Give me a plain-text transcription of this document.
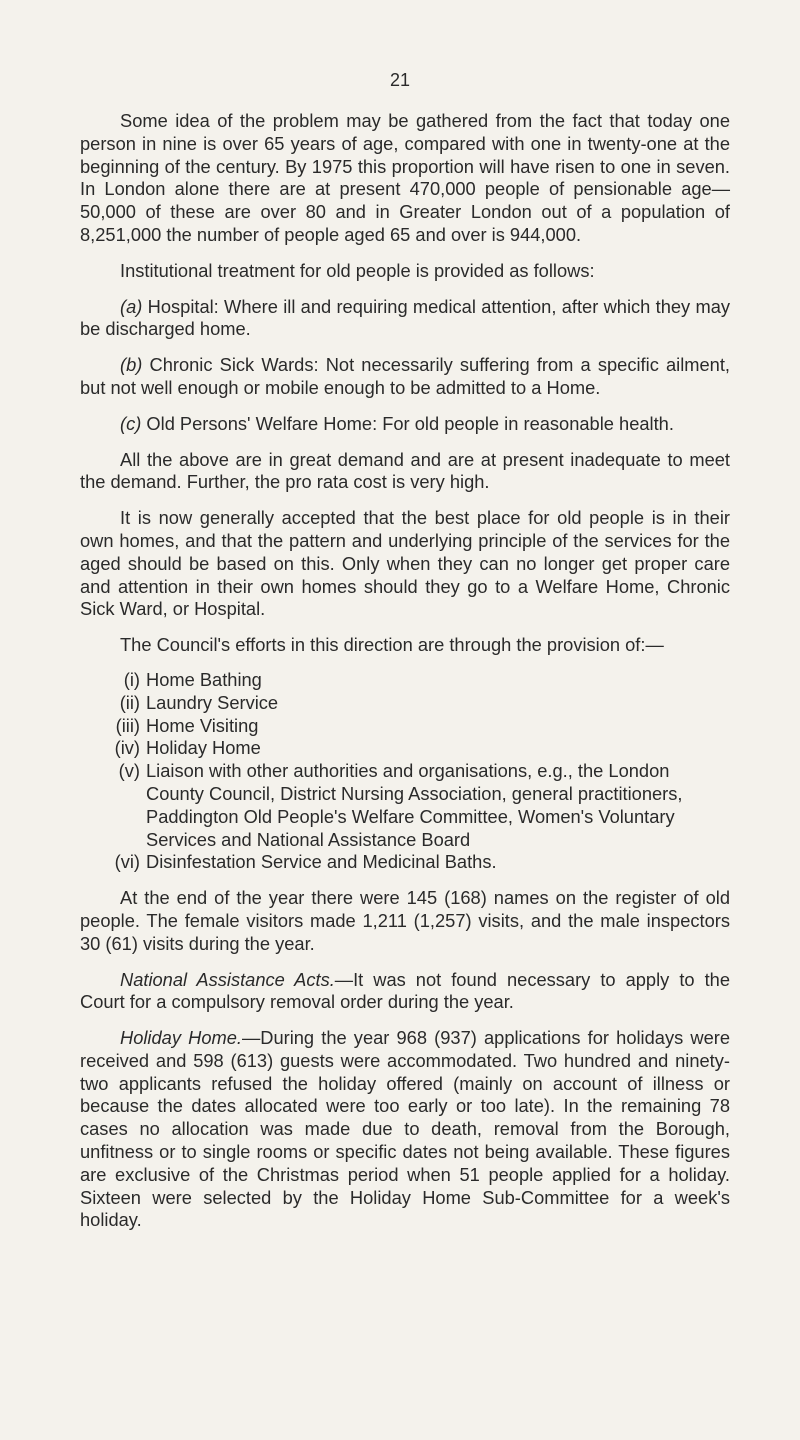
21

Some idea of the problem may be gathered from the fact that today one person in nine is over 65 years of age, compared with one in twenty-one at the beginning of the century. By 1975 this proportion will have risen to one in seven. In London alone there are at present 470,000 people of pensionable age—50,000 of these are over 80 and in Greater London out of a population of 8,251,000 the number of people aged 65 and over is 944,000.

Institutional treatment for old people is provided as follows:

(a) Hospital: Where ill and requiring medical attention, after which they may be discharged home.
(b) Chronic Sick Wards: Not necessarily suffering from a specific ailment, but not well enough or mobile enough to be admitted to a Home.
(c) Old Persons' Welfare Home: For old people in reasonable health.

All the above are in great demand and are at present inadequate to meet the demand. Further, the pro rata cost is very high.

It is now generally accepted that the best place for old people is in their own homes, and that the pattern and underlying principle of the services for the aged should be based on this. Only when they can no longer get proper care and attention in their own homes should they go to a Welfare Home, Chronic Sick Ward, or Hospital.

The Council's efforts in this direction are through the provision of:—

(i) Home Bathing
(ii) Laundry Service
(iii) Home Visiting
(iv) Holiday Home
(v) Liaison with other authorities and organisations, e.g., the London County Council, District Nursing Association, general practitioners, Paddington Old People's Welfare Committee, Women's Voluntary Services and National Assistance Board
(vi) Disinfestation Service and Medicinal Baths.

At the end of the year there were 145 (168) names on the register of old people. The female visitors made 1,211 (1,257) visits, and the male inspectors 30 (61) visits during the year.

National Assistance Acts.—It was not found necessary to apply to the Court for a compulsory removal order during the year.

Holiday Home.—During the year 968 (937) applications for holidays were received and 598 (613) guests were accommodated. Two hundred and ninety-two applicants refused the holiday offered (mainly on account of illness or because the dates allocated were too early or too late). In the remaining 78 cases no allocation was made due to death, removal from the Borough, unfitness or to single rooms or specific dates not being available. These figures are exclusive of the Christmas period when 51 people applied for a holiday. Sixteen were selected by the Holiday Home Sub-Committee for a week's holiday.
